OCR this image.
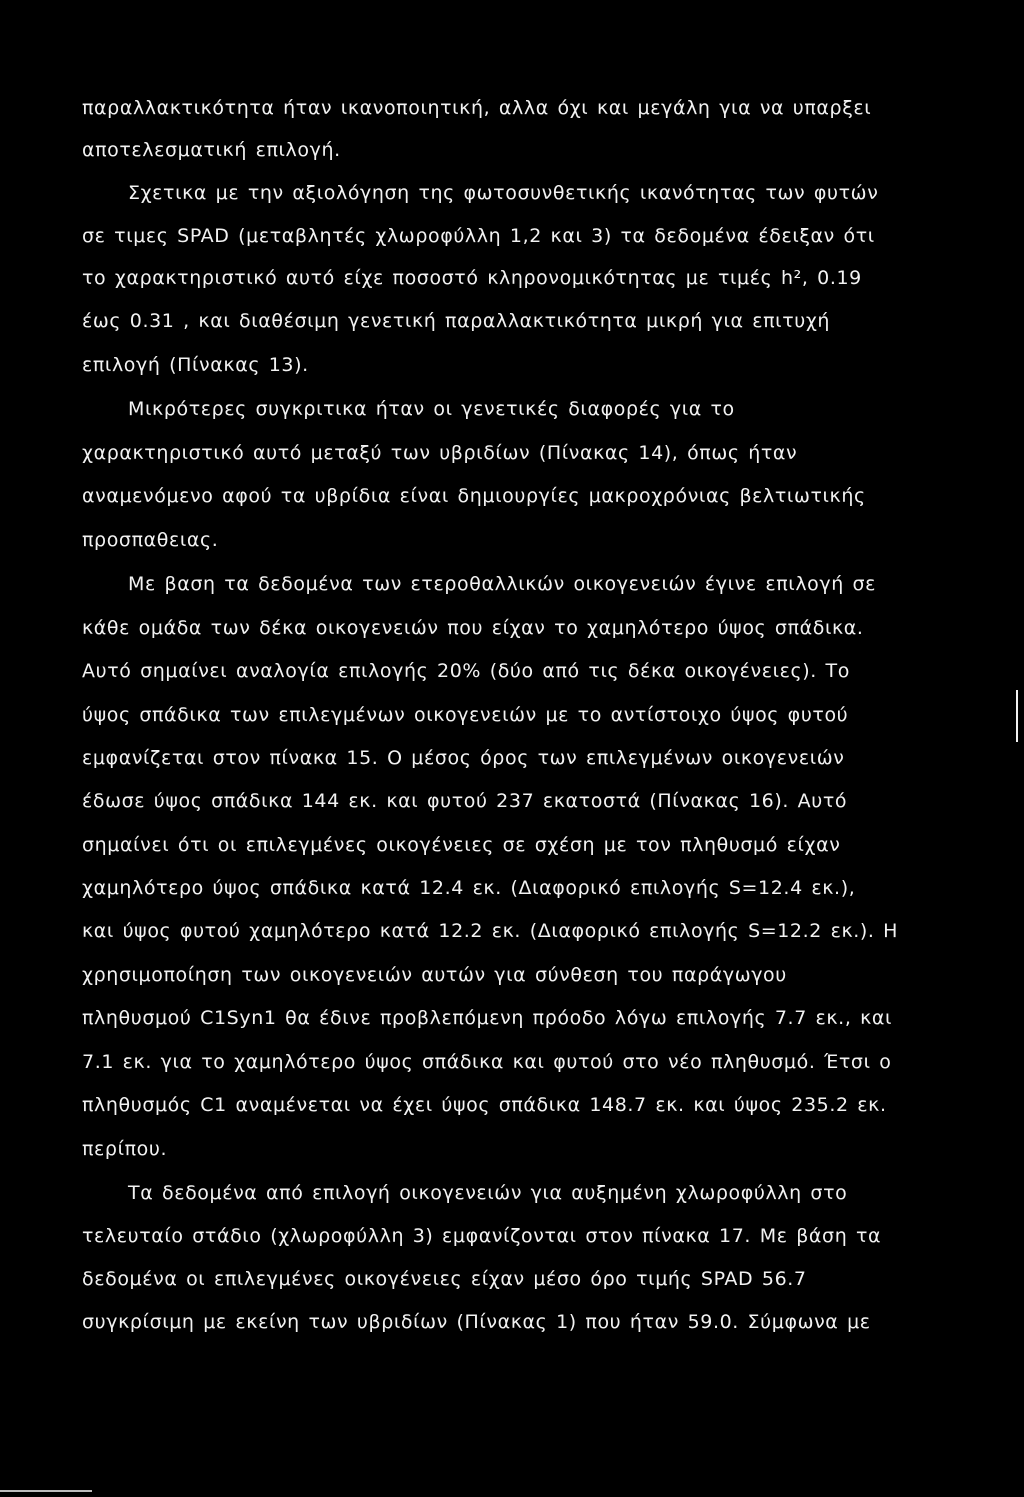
παραλλακτικότητα ήταν ικανοποιητική, αλλα όχι και μεγάλη για να υπαρξει
αποτελεσματική επιλογή.
Σχετικα με την αξιολόγηση της φωτοσυνθετικής ικανότητας των φυτών
σε τιμες SPAD (μεταβλητές χλωροφύλλη 1,2 και 3) τα δεδομένα έδειξαν ότι
το χαρακτηριστικό αυτό είχε ποσοστό κληρονομικότητας με τιμές h², 0.19
έως 0.31 , και διαθέσιμη γενετική παραλλακτικότητα μικρή για επιτυχή
επιλογή (Πίνακας 13).
Μικρότερες συγκριτικα ήταν οι γενετικές διαφορές για το
χαρακτηριστικό αυτό μεταξύ των υβριδίων (Πίνακας 14), όπως ήταν
αναμενόμενο αφού τα υβρίδια είναι δημιουργίες μακροχρόνιας βελτιωτικής
προσπαθειας.
Με βαση τα δεδομένα των ετεροθαλλικών οικογενειών έγινε επιλογή σε
κάθε ομάδα των δέκα οικογενειών που είχαν το χαμηλότερο ύψος σπάδικα.
Αυτό σημαίνει αναλογία επιλογής 20% (δύο από τις δέκα οικογένειες). Το
ύψος σπάδικα των επιλεγμένων οικογενειών με το αντίστοιχο ύψος φυτού
εμφανίζεται στον πίνακα 15. Ο μέσος όρος των επιλεγμένων οικογενειών
έδωσε ύψος σπάδικα 144 εκ. και φυτού 237 εκατοστά (Πίνακας 16). Αυτό
σημαίνει ότι οι επιλεγμένες οικογένειες σε σχέση με τον πληθυσμό είχαν
χαμηλότερο ύψος σπάδικα κατά 12.4 εκ. (Διαφορικό επιλογής S=12.4 εκ.),
και ύψος φυτού χαμηλότερο κατά 12.2 εκ. (Διαφορικό επιλογής S=12.2 εκ.). Η
χρησιμοποίηση των οικογενειών αυτών για σύνθεση του παράγωγου
πληθυσμού C1Syn1 θα έδινε προβλεπόμενη πρόοδο λόγω επιλογής 7.7 εκ., και
7.1 εκ. για το χαμηλότερο ύψος σπάδικα και φυτού στο νέο πληθυσμό. Έτσι ο
πληθυσμός C1 αναμένεται να έχει ύψος σπάδικα 148.7 εκ. και ύψος 235.2 εκ.
περίπου.
Τα δεδομένα από επιλογή οικογενειών για αυξημένη χλωροφύλλη στο
τελευταίο στάδιο (χλωροφύλλη 3) εμφανίζονται στον πίνακα 17. Με βάση τα
δεδομένα οι επιλεγμένες οικογένειες είχαν μέσο όρο τιμής SPAD 56.7
συγκρίσιμη με εκείνη των υβριδίων (Πίνακας 1) που ήταν 59.0. Σύμφωνα με
